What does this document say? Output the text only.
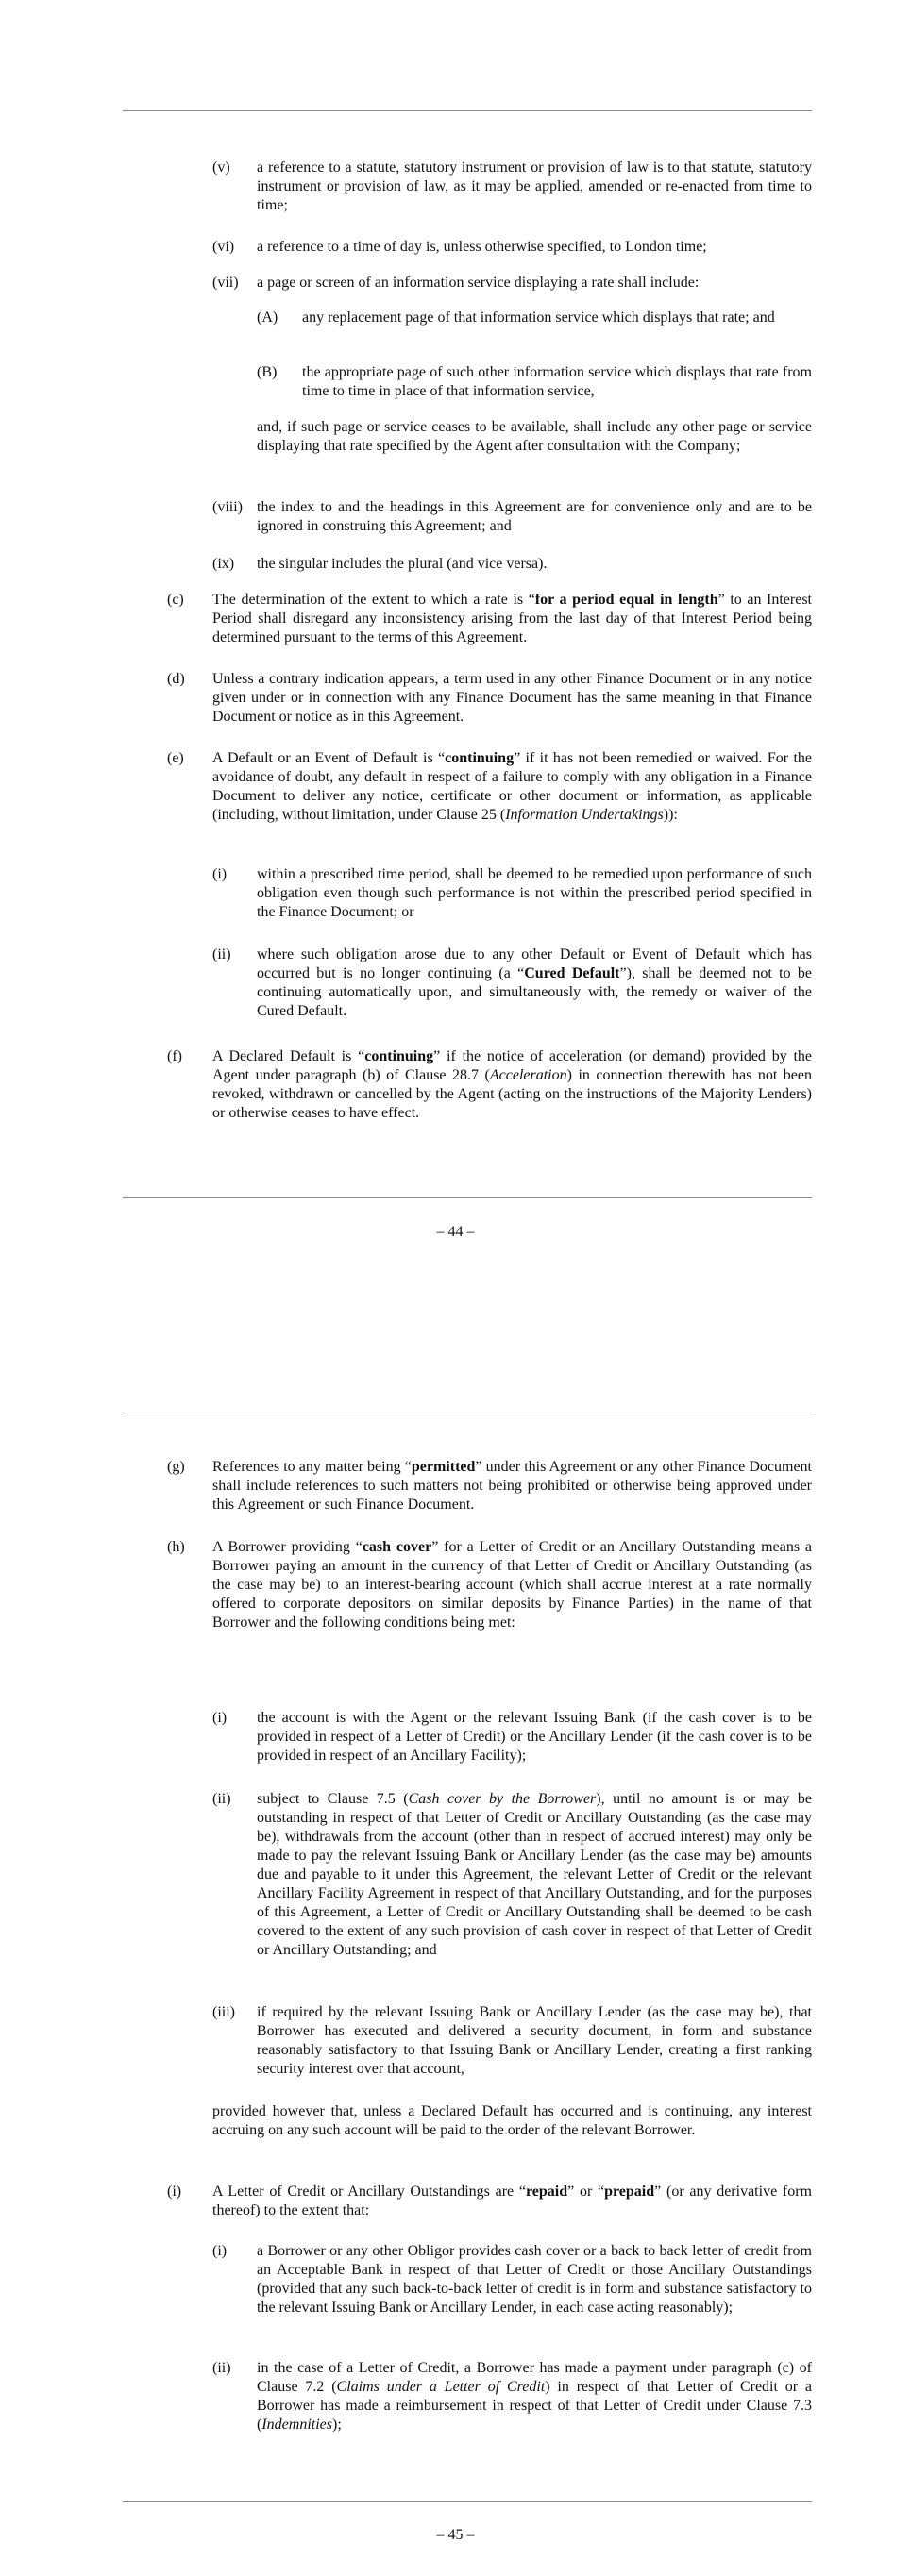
(v) a reference to a statute, statutory instrument or provision of law is to that statute, statutory instrument or provision of law, as it may be applied, amended or re-enacted from time to time;
(vi) a reference to a time of day is, unless otherwise specified, to London time;
(vii) a page or screen of an information service displaying a rate shall include:
(A) any replacement page of that information service which displays that rate; and
(B) the appropriate page of such other information service which displays that rate from time to time in place of that information service,
and, if such page or service ceases to be available, shall include any other page or service displaying that rate specified by the Agent after consultation with the Company;
(viii) the index to and the headings in this Agreement are for convenience only and are to be ignored in construing this Agreement; and
(ix) the singular includes the plural (and vice versa).
(c) The determination of the extent to which a rate is “for a period equal in length” to an Interest Period shall disregard any inconsistency arising from the last day of that Interest Period being determined pursuant to the terms of this Agreement.
(d) Unless a contrary indication appears, a term used in any other Finance Document or in any notice given under or in connection with any Finance Document has the same meaning in that Finance Document or notice as in this Agreement.
(e) A Default or an Event of Default is “continuing” if it has not been remedied or waived. For the avoidance of doubt, any default in respect of a failure to comply with any obligation in a Finance Document to deliver any notice, certificate or other document or information, as applicable (including, without limitation, under Clause 25 (Information Undertakings)):
(i) within a prescribed time period, shall be deemed to be remedied upon performance of such obligation even though such performance is not within the prescribed period specified in the Finance Document; or
(ii) where such obligation arose due to any other Default or Event of Default which has occurred but is no longer continuing (a “Cured Default”), shall be deemed not to be continuing automatically upon, and simultaneously with, the remedy or waiver of the Cured Default.
(f) A Declared Default is “continuing” if the notice of acceleration (or demand) provided by the Agent under paragraph (b) of Clause 28.7 (Acceleration) in connection therewith has not been revoked, withdrawn or cancelled by the Agent (acting on the instructions of the Majority Lenders) or otherwise ceases to have effect.
– 44 –
(g) References to any matter being “permitted” under this Agreement or any other Finance Document shall include references to such matters not being prohibited or otherwise being approved under this Agreement or such Finance Document.
(h) A Borrower providing “cash cover” for a Letter of Credit or an Ancillary Outstanding means a Borrower paying an amount in the currency of that Letter of Credit or Ancillary Outstanding (as the case may be) to an interest-bearing account (which shall accrue interest at a rate normally offered to corporate depositors on similar deposits by Finance Parties) in the name of that Borrower and the following conditions being met:
(i) the account is with the Agent or the relevant Issuing Bank (if the cash cover is to be provided in respect of a Letter of Credit) or the Ancillary Lender (if the cash cover is to be provided in respect of an Ancillary Facility);
(ii) subject to Clause 7.5 (Cash cover by the Borrower), until no amount is or may be outstanding in respect of that Letter of Credit or Ancillary Outstanding (as the case may be), withdrawals from the account (other than in respect of accrued interest) may only be made to pay the relevant Issuing Bank or Ancillary Lender (as the case may be) amounts due and payable to it under this Agreement, the relevant Letter of Credit or the relevant Ancillary Facility Agreement in respect of that Ancillary Outstanding, and for the purposes of this Agreement, a Letter of Credit or Ancillary Outstanding shall be deemed to be cash covered to the extent of any such provision of cash cover in respect of that Letter of Credit or Ancillary Outstanding; and
(iii) if required by the relevant Issuing Bank or Ancillary Lender (as the case may be), that Borrower has executed and delivered a security document, in form and substance reasonably satisfactory to that Issuing Bank or Ancillary Lender, creating a first ranking security interest over that account,
provided however that, unless a Declared Default has occurred and is continuing, any interest accruing on any such account will be paid to the order of the relevant Borrower.
(i) A Letter of Credit or Ancillary Outstandings are “repaid” or “prepaid” (or any derivative form thereof) to the extent that:
(i) a Borrower or any other Obligor provides cash cover or a back to back letter of credit from an Acceptable Bank in respect of that Letter of Credit or those Ancillary Outstandings (provided that any such back-to-back letter of credit is in form and substance satisfactory to the relevant Issuing Bank or Ancillary Lender, in each case acting reasonably);
(ii) in the case of a Letter of Credit, a Borrower has made a payment under paragraph (c) of Clause 7.2 (Claims under a Letter of Credit) in respect of that Letter of Credit or a Borrower has made a reimbursement in respect of that Letter of Credit under Clause 7.3 (Indemnities);
– 45 –
